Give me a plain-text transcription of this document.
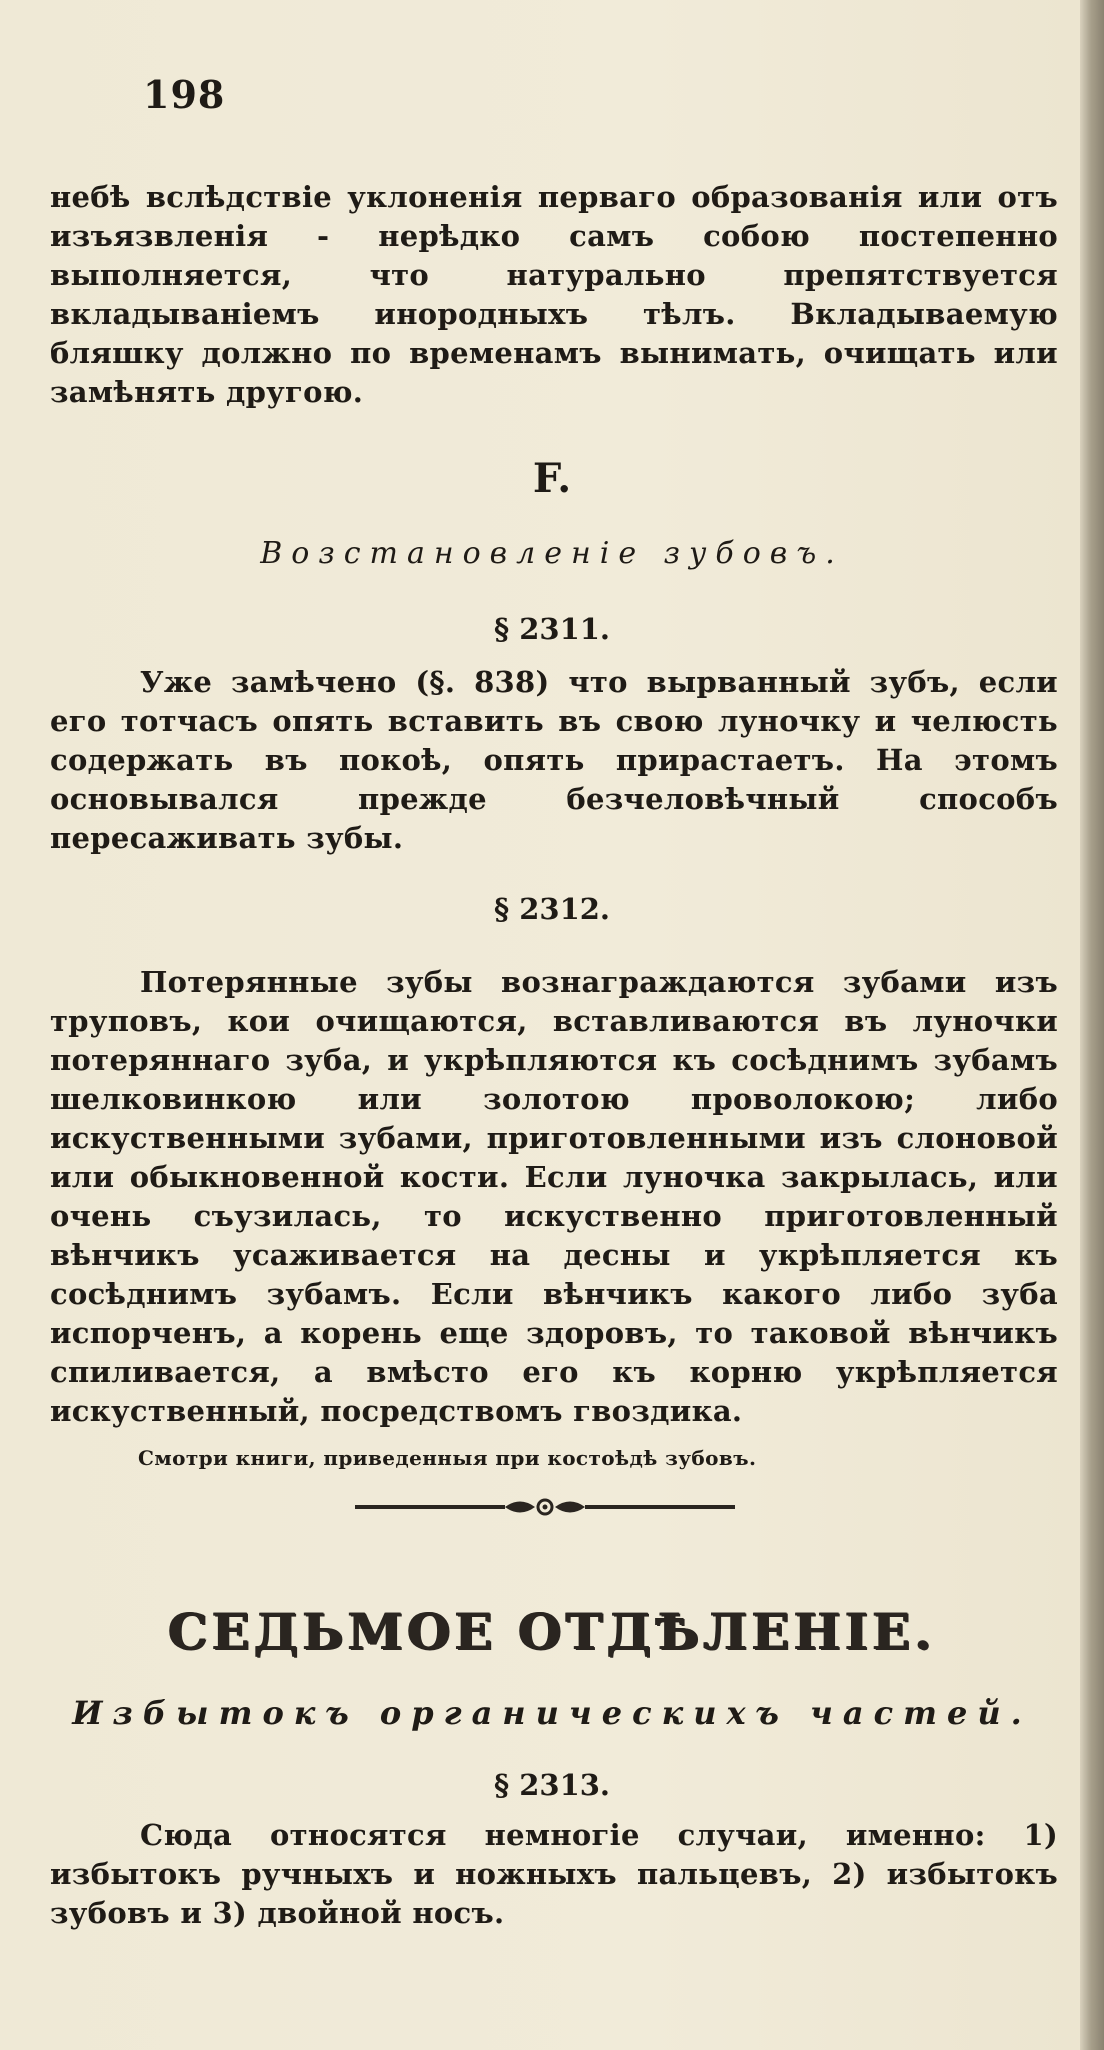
198

небѣ вслѣдствіе уклоненія перваго образованія или отъ изъязвленія - нерѣдко самъ собою постепенно выполняется, что натурально препятствуется вкладываніемъ инородныхъ тѣлъ. Вкладываемую бляшку должно по временамъ вынимать, очищать или замѣнять другою.

F.
Возстановленіе зубовъ.
§ 2311.

Уже замѣчено (§. 838) что вырванный зубъ, если его тотчасъ опять вставить въ свою луночку и челюсть содержать въ покоѣ, опять прирастаетъ. На этомъ основывался прежде безчеловѣчный способъ пересаживать зубы.

§ 2312.

Потерянные зубы вознаграждаются зубами изъ труповъ, кои очищаются, вставливаются въ луночки потеряннаго зуба, и укрѣпляются къ сосѣднимъ зубамъ шелковинкою или золотою проволокою; либо искуственными зубами, приготовленными изъ слоновой или обыкновенной кости. Если луночка закрылась, или очень съузилась, то искуственно приготовленный вѣнчикъ усаживается на десны и укрѣпляется къ сосѣднимъ зубамъ. Если вѣнчикъ какого либо зуба испорченъ, а корень еще здоровъ, то таковой вѣнчикъ спиливается, а вмѣсто его къ корню укрѣпляется искуственный, посредствомъ гвоздика.

Смотри книги, приведенныя при костоѣдѣ зубовъ.
СЕДЬМОЕ ОТДѢЛЕНІЕ.
Избытокъ органическихъ частей.
§ 2313.

Сюда относятся немногіе случаи, именно: 1) избытокъ ручныхъ и ножныхъ пальцевъ, 2) избытокъ зубовъ и 3) двойной носъ.
